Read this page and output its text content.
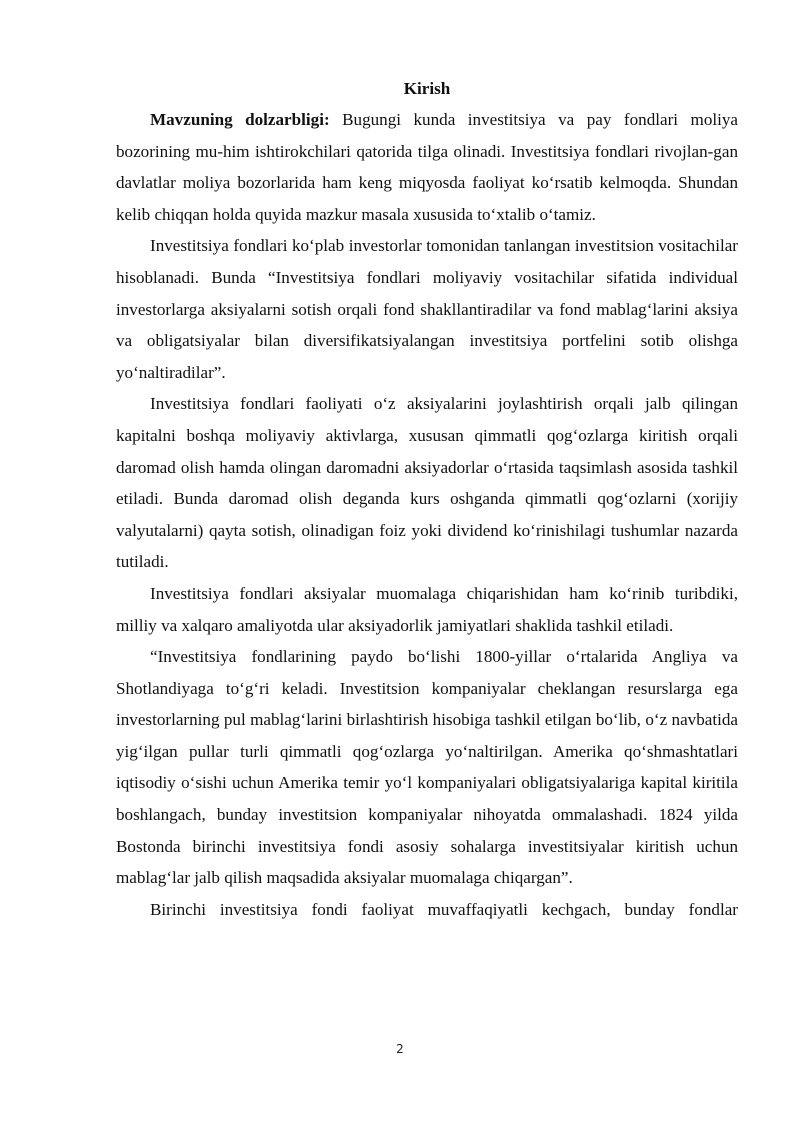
Kirish

Mavzuning dolzarbligi: Bugungi kunda investitsiya va pay fondlari moliya bozorining mu-him ishtirokchilari qatorida tilga olinadi. Investitsiya fondlari rivojlan-gan davlatlar moliya bozorlarida ham keng miqyosda faoliyat ko‘rsatib kelmoqda. Shundan kelib chiqqan holda quyida mazkur masala xususida to‘xtalib o‘tamiz.

Investitsiya fondlari ko‘plab investorlar tomonidan tanlangan investitsion vositachilar hisoblanadi. Bunda “Investitsiya fondlari moliyaviy vositachilar sifatida individual investorlarga aksiyalarni sotish orqali fond shakllantiradilar va fond mablag‘larini aksiya va obligatsiyalar bilan diversifikatsiyalangan investitsiya portfelini sotib olishga yo‘naltiradilar”.

Investitsiya fondlari faoliyati o‘z aksiyalarini joylashtirish orqali jalb qilingan kapitalni boshqa moliyaviy aktivlarga, xususan qimmatli qog‘ozlarga kiritish orqali daromad olish hamda olingan daromadni aksiyadorlar o‘rtasida taqsimlash asosida tashkil etiladi. Bunda daromad olish deganda kurs oshganda qimmatli qog‘ozlarni (xorijiy valyutalarni) qayta sotish, olinadigan foiz yoki dividend ko‘rinishilagi tushumlar nazarda tutiladi.

Investitsiya fondlari aksiyalar muomalaga chiqarishidan ham ko‘rinib turibdiki, milliy va xalqaro amaliyotda ular aksiyadorlik jamiyatlari shaklida tashkil etiladi.

“Investitsiya fondlarining paydo bo‘lishi 1800-yillar o‘rtalarida Angliya va Shotlandiyaga to‘g‘ri keladi. Investitsion kompaniyalar cheklangan resurslarga ega investorlarning pul mablag‘larini birlashtirish hisobiga tashkil etilgan bo‘lib, o‘z navbatida yig‘ilgan pullar turli qimmatli qog‘ozlarga yo‘naltirilgan. Amerika qo‘shmashtatlari iqtisodiy o‘sishi uchun Amerika temir yo‘l kompaniyalari obligatsiyalariga kapital kiritila boshlangach, bunday investitsion kompaniyalar nihoyatda ommalashadi. 1824 yilda Bostonda birinchi investitsiya fondi asosiy sohalarga investitsiyalar kiritish uchun mablag‘lar jalb qilish maqsadida aksiyalar muomalaga chiqargan”.

Birinchi investitsiya fondi faoliyat muvaffaqiyatli kechgach, bunday fondlar

2
